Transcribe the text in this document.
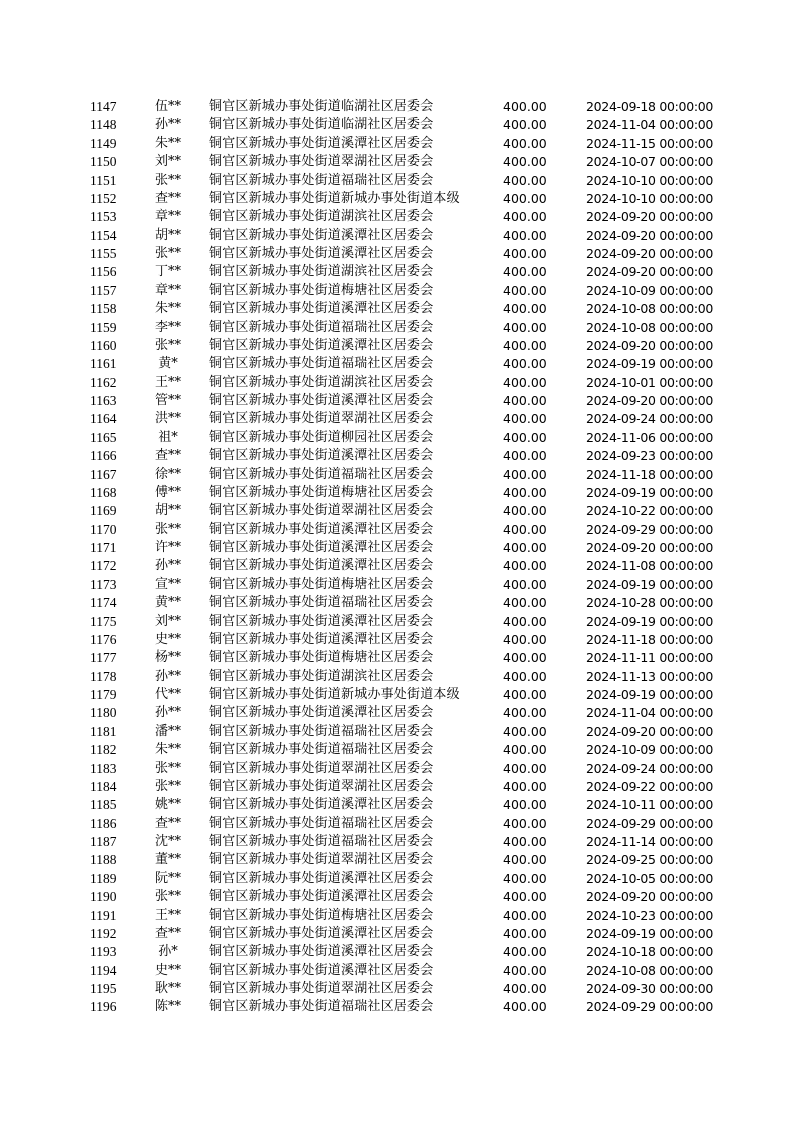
1147	伍**	铜官区新城办事处街道临湖社区居委会	400.00	2024-09-18 00:00:00
1148	孙**	铜官区新城办事处街道临湖社区居委会	400.00	2024-11-04 00:00:00
1149	朱**	铜官区新城办事处街道溪潭社区居委会	400.00	2024-11-15 00:00:00
1150	刘**	铜官区新城办事处街道翠湖社区居委会	400.00	2024-10-07 00:00:00
1151	张**	铜官区新城办事处街道福瑞社区居委会	400.00	2024-10-10 00:00:00
1152	查**	铜官区新城办事处街道新城办事处街道本级	400.00	2024-10-10 00:00:00
1153	章**	铜官区新城办事处街道湖滨社区居委会	400.00	2024-09-20 00:00:00
1154	胡**	铜官区新城办事处街道溪潭社区居委会	400.00	2024-09-20 00:00:00
1155	张**	铜官区新城办事处街道溪潭社区居委会	400.00	2024-09-20 00:00:00
1156	丁**	铜官区新城办事处街道湖滨社区居委会	400.00	2024-09-20 00:00:00
1157	章**	铜官区新城办事处街道梅塘社区居委会	400.00	2024-10-09 00:00:00
1158	朱**	铜官区新城办事处街道溪潭社区居委会	400.00	2024-10-08 00:00:00
1159	李**	铜官区新城办事处街道福瑞社区居委会	400.00	2024-10-08 00:00:00
1160	张**	铜官区新城办事处街道溪潭社区居委会	400.00	2024-09-20 00:00:00
1161	黄*	铜官区新城办事处街道福瑞社区居委会	400.00	2024-09-19 00:00:00
1162	王**	铜官区新城办事处街道湖滨社区居委会	400.00	2024-10-01 00:00:00
1163	管**	铜官区新城办事处街道溪潭社区居委会	400.00	2024-09-20 00:00:00
1164	洪**	铜官区新城办事处街道翠湖社区居委会	400.00	2024-09-24 00:00:00
1165	祖*	铜官区新城办事处街道柳园社区居委会	400.00	2024-11-06 00:00:00
1166	查**	铜官区新城办事处街道溪潭社区居委会	400.00	2024-09-23 00:00:00
1167	徐**	铜官区新城办事处街道福瑞社区居委会	400.00	2024-11-18 00:00:00
1168	傅**	铜官区新城办事处街道梅塘社区居委会	400.00	2024-09-19 00:00:00
1169	胡**	铜官区新城办事处街道翠湖社区居委会	400.00	2024-10-22 00:00:00
1170	张**	铜官区新城办事处街道溪潭社区居委会	400.00	2024-09-29 00:00:00
1171	许**	铜官区新城办事处街道溪潭社区居委会	400.00	2024-09-20 00:00:00
1172	孙**	铜官区新城办事处街道溪潭社区居委会	400.00	2024-11-08 00:00:00
1173	宣**	铜官区新城办事处街道梅塘社区居委会	400.00	2024-09-19 00:00:00
1174	黄**	铜官区新城办事处街道福瑞社区居委会	400.00	2024-10-28 00:00:00
1175	刘**	铜官区新城办事处街道溪潭社区居委会	400.00	2024-09-19 00:00:00
1176	史**	铜官区新城办事处街道溪潭社区居委会	400.00	2024-11-18 00:00:00
1177	杨**	铜官区新城办事处街道梅塘社区居委会	400.00	2024-11-11 00:00:00
1178	孙**	铜官区新城办事处街道湖滨社区居委会	400.00	2024-11-13 00:00:00
1179	代**	铜官区新城办事处街道新城办事处街道本级	400.00	2024-09-19 00:00:00
1180	孙**	铜官区新城办事处街道溪潭社区居委会	400.00	2024-11-04 00:00:00
1181	潘**	铜官区新城办事处街道福瑞社区居委会	400.00	2024-09-20 00:00:00
1182	朱**	铜官区新城办事处街道福瑞社区居委会	400.00	2024-10-09 00:00:00
1183	张**	铜官区新城办事处街道翠湖社区居委会	400.00	2024-09-24 00:00:00
1184	张**	铜官区新城办事处街道翠湖社区居委会	400.00	2024-09-22 00:00:00
1185	姚**	铜官区新城办事处街道溪潭社区居委会	400.00	2024-10-11 00:00:00
1186	查**	铜官区新城办事处街道福瑞社区居委会	400.00	2024-09-29 00:00:00
1187	沈**	铜官区新城办事处街道福瑞社区居委会	400.00	2024-11-14 00:00:00
1188	董**	铜官区新城办事处街道翠湖社区居委会	400.00	2024-09-25 00:00:00
1189	阮**	铜官区新城办事处街道溪潭社区居委会	400.00	2024-10-05 00:00:00
1190	张**	铜官区新城办事处街道溪潭社区居委会	400.00	2024-09-20 00:00:00
1191	王**	铜官区新城办事处街道梅塘社区居委会	400.00	2024-10-23 00:00:00
1192	查**	铜官区新城办事处街道溪潭社区居委会	400.00	2024-09-19 00:00:00
1193	孙*	铜官区新城办事处街道溪潭社区居委会	400.00	2024-10-18 00:00:00
1194	史**	铜官区新城办事处街道溪潭社区居委会	400.00	2024-10-08 00:00:00
1195	耿**	铜官区新城办事处街道翠湖社区居委会	400.00	2024-09-30 00:00:00
1196	陈**	铜官区新城办事处街道福瑞社区居委会	400.00	2024-09-29 00:00:00
